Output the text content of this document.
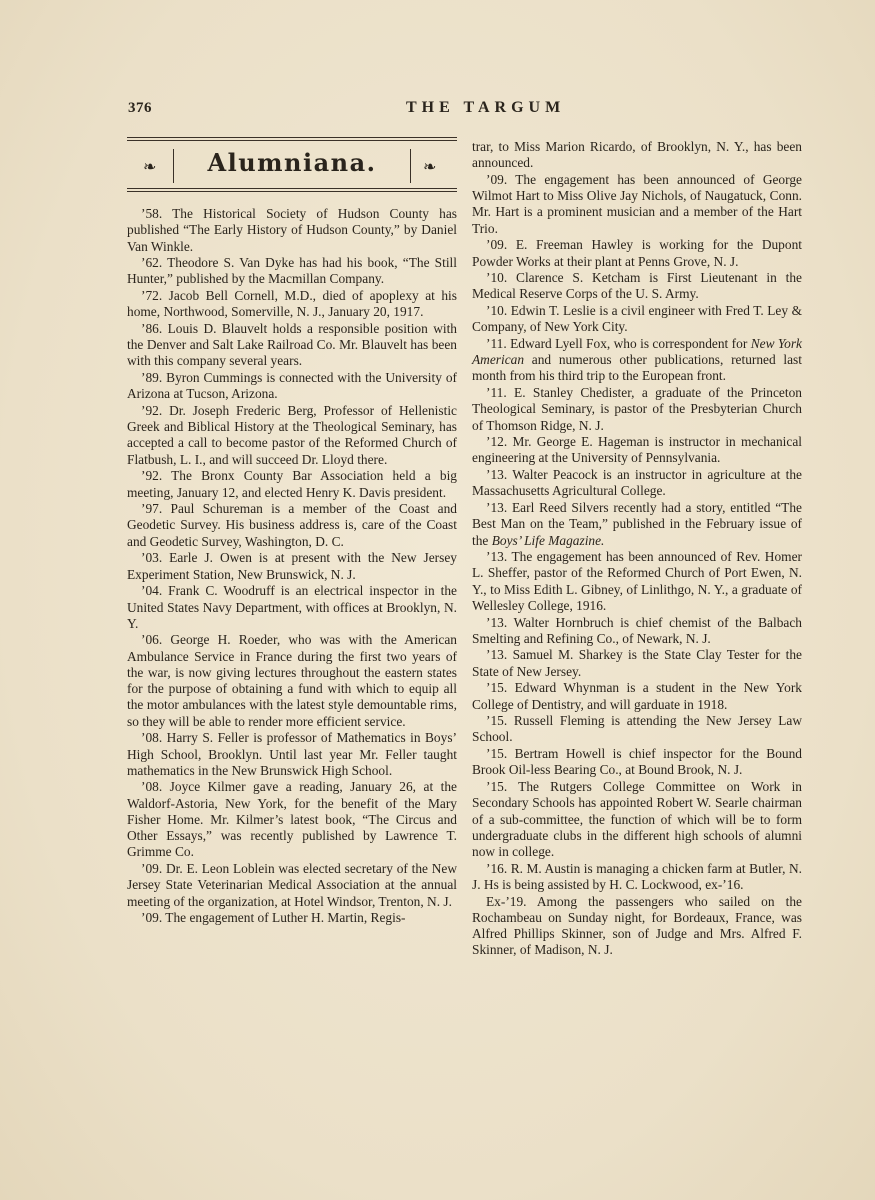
376	THE TARGUM
❧	Alumniana.	❧

’58. The Historical Society of Hudson County has published “The Early History of Hudson County,” by Daniel Van Winkle.

’62. Theodore S. Van Dyke has had his book, “The Still Hunter,” published by the Macmillan Company.

’72. Jacob Bell Cornell, M.D., died of apoplexy at his home, Northwood, Somerville, N. J., January 20, 1917.

’86. Louis D. Blauvelt holds a responsible position with the Denver and Salt Lake Railroad Co. Mr. Blauvelt has been with this company several years.

’89. Byron Cummings is connected with the University of Arizona at Tucson, Arizona.

’92. Dr. Joseph Frederic Berg, Professor of Hellenistic Greek and Biblical History at the Theological Seminary, has accepted a call to become pastor of the Reformed Church of Flatbush, L. I., and will succeed Dr. Lloyd there.

’92. The Bronx County Bar Association held a big meeting, January 12, and elected Henry K. Davis president.

’97. Paul Schureman is a member of the Coast and Geodetic Survey. His business address is, care of the Coast and Geodetic Survey, Washington, D. C.

’03. Earle J. Owen is at present with the New Jersey Experiment Station, New Brunswick, N. J.

’04. Frank C. Woodruff is an electrical inspector in the United States Navy Department, with offices at Brooklyn, N. Y.

’06. George H. Roeder, who was with the American Ambulance Service in France during the first two years of the war, is now giving lectures throughout the eastern states for the purpose of obtaining a fund with which to equip all the motor ambulances with the latest style demountable rims, so they will be able to render more efficient service.

’08. Harry S. Feller is professor of Mathematics in Boys’ High School, Brooklyn. Until last year Mr. Feller taught mathematics in the New Brunswick High School.

’08. Joyce Kilmer gave a reading, January 26, at the Waldorf-Astoria, New York, for the benefit of the Mary Fisher Home. Mr. Kilmer’s latest book, “The Circus and Other Essays,” was recently published by Lawrence T. Grimme Co.

’09. Dr. E. Leon Loblein was elected secretary of the New Jersey State Veterinarian Medical Association at the annual meeting of the organization, at Hotel Windsor, Trenton, N. J.

’09. The engagement of Luther H. Martin, Regis-

trar, to Miss Marion Ricardo, of Brooklyn, N. Y., has been announced.

’09. The engagement has been announced of George Wilmot Hart to Miss Olive Jay Nichols, of Naugatuck, Conn. Mr. Hart is a prominent musician and a member of the Hart Trio.

’09. E. Freeman Hawley is working for the Dupont Powder Works at their plant at Penns Grove, N. J.

’10. Clarence S. Ketcham is First Lieutenant in the Medical Reserve Corps of the U. S. Army.

’10. Edwin T. Leslie is a civil engineer with Fred T. Ley & Company, of New York City.

’11. Edward Lyell Fox, who is correspondent for New York American and numerous other publications, returned last month from his third trip to the European front.

’11. E. Stanley Chedister, a graduate of the Princeton Theological Seminary, is pastor of the Presbyterian Church of Thomson Ridge, N. J.

’12. Mr. George E. Hageman is instructor in mechanical engineering at the University of Pennsylvania.

’13. Walter Peacock is an instructor in agriculture at the Massachusetts Agricultural College.

’13. Earl Reed Silvers recently had a story, entitled “The Best Man on the Team,” published in the February issue of the Boys’ Life Magazine.

’13. The engagement has been announced of Rev. Homer L. Sheffer, pastor of the Reformed Church of Port Ewen, N. Y., to Miss Edith L. Gibney, of Linlithgo, N. Y., a graduate of Wellesley College, 1916.

’13. Walter Hornbruch is chief chemist of the Balbach Smelting and Refining Co., of Newark, N. J.

’13. Samuel M. Sharkey is the State Clay Tester for the State of New Jersey.

’15. Edward Whynman is a student in the New York College of Dentistry, and will garduate in 1918.

’15. Russell Fleming is attending the New Jersey Law School.

’15. Bertram Howell is chief inspector for the Bound Brook Oil-less Bearing Co., at Bound Brook, N. J.

’15. The Rutgers College Committee on Work in Secondary Schools has appointed Robert W. Searle chairman of a sub-committee, the function of which will be to form undergraduate clubs in the different high schools of alumni now in college.

’16. R. M. Austin is managing a chicken farm at Butler, N. J. Hs is being assisted by H. C. Lockwood, ex-’16.

Ex-’19. Among the passengers who sailed on the Rochambeau on Sunday night, for Bordeaux, France, was Alfred Phillips Skinner, son of Judge and Mrs. Alfred F. Skinner, of Madison, N. J.
